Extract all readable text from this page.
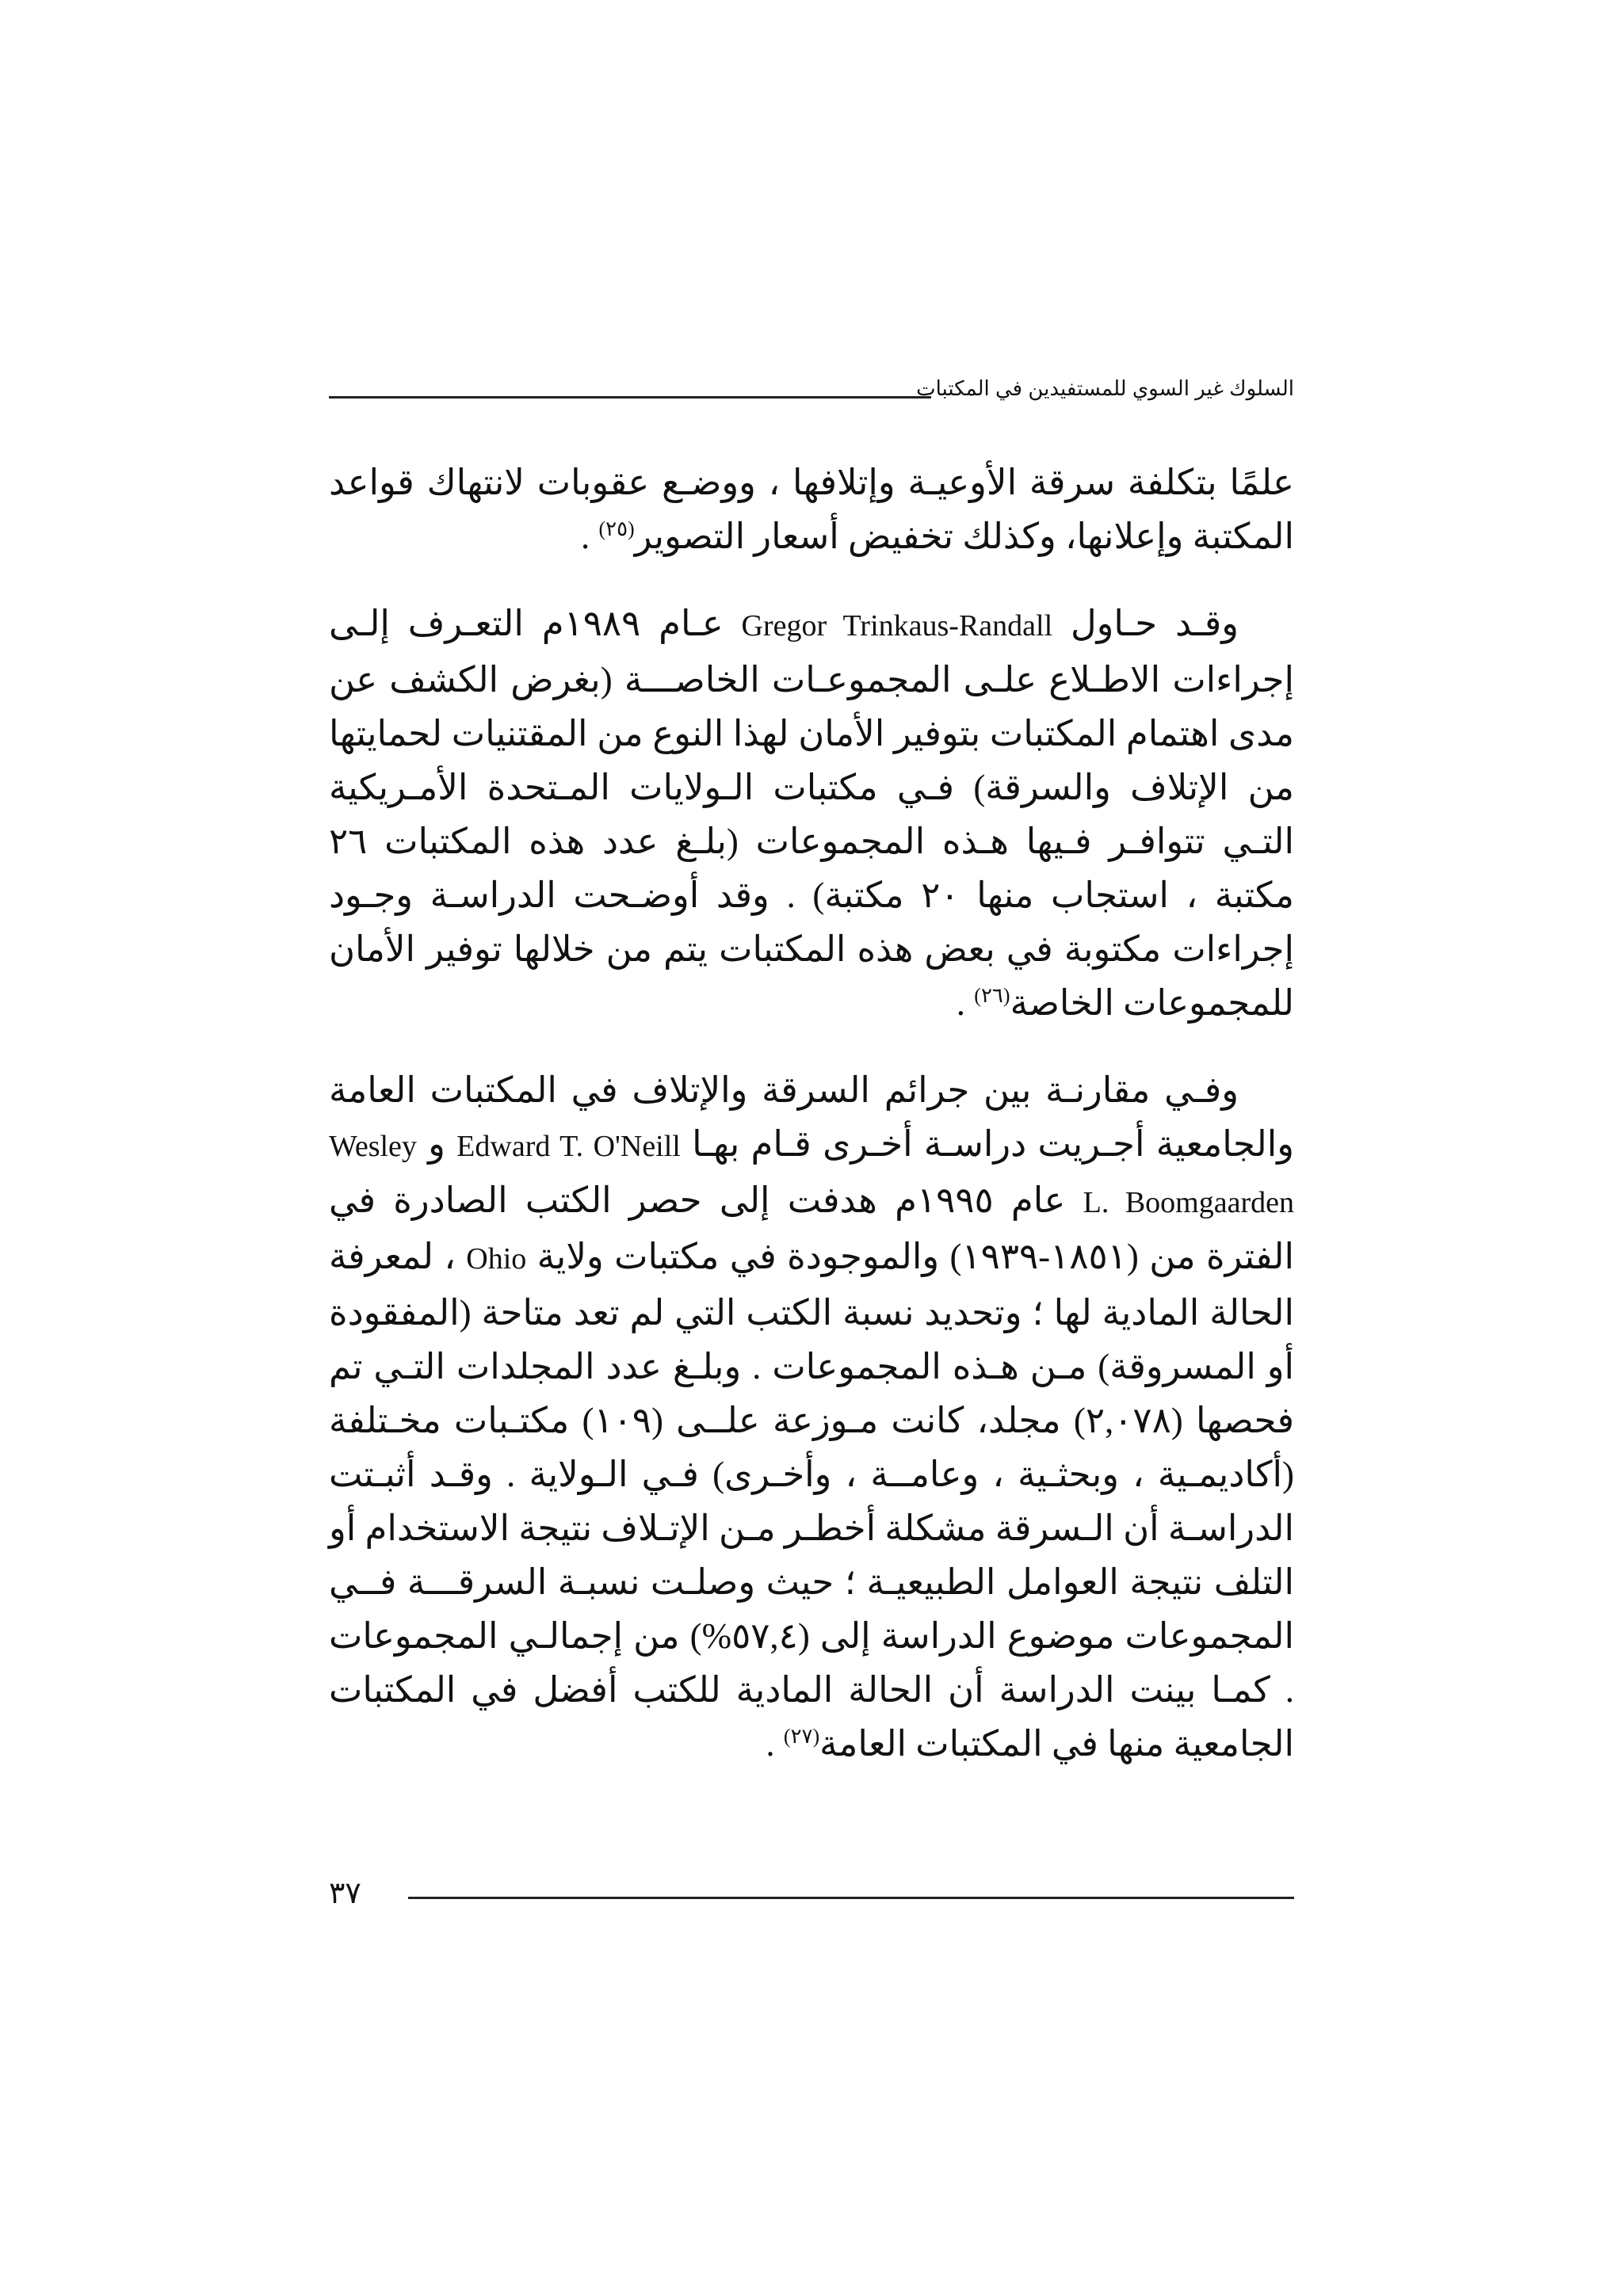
السلوك غير السوي للمستفيدين في المكتبات

علمًا بتكلفة سرقة الأوعيـة وإتلافها ، ووضـع عقوبات لانتهاك قواعد المكتبة وإعلانها، وكذلك تخفيض أسعار التصوير$^{(٢٥)}$ .

وقـد حـاول Gregor Trinkaus-Randall عـام ١٩٨٩م التعـرف إلـى إجراءات الاطـلاع علـى المجموعـات الخاصـــة (بغرض الكشف عن مدى اهتمام المكتبات بتوفير الأمان لهذا النوع من المقتنيات لحمايتها من الإتلاف والسرقة) فـي مكتبات الـولايات المـتحدة الأمـريكية التـي تتوافـر فـيها هـذه المجموعات (بلـغ عدد هذه المكتبات ٢٦ مكتبة ، استجاب منها ٢٠ مكتبة) . وقد أوضـحت الدراسـة وجـود إجراءات مكتوبة في بعض هذه المكتبات يتم من خلالها توفير الأمان للمجموعات الخاصة$^{(٢٦)}$ .

وفـي مقارنـة بين جرائم السرقة والإتلاف في المكتبات العامة والجامعية أجـريت دراسـة أخـرى قـام بهـا Edward T. O'Neill و Wesley L. Boomgaarden عام ١٩٩٥م هدفت إلى حصر الكتب الصادرة في الفترة من (١٨٥١-١٩٣٩) والموجودة في مكتبات ولاية Ohio ، لمعرفة الحالة المادية لها ؛ وتحديد نسبة الكتب التي لم تعد متاحة (المفقودة أو المسروقة) مـن هـذه المجموعات . وبلـغ عدد المجلدات التـي تم فحصها (٢,٠٧٨) مجلد، كانت مـوزعة علــى (١٠٩) مكتـبات مخـتلفة (أكاديمـية ، وبحثـية ، وعامــة ، وأخـرى) فـي الـولاية . وقـد أثبـتت الدراسـة أن الـسرقة مشكلة أخطـر مـن الإتـلاف نتيجة الاستخدام أو التلف نتيجة العوامل الطبيعيـة ؛ حيث وصلـت نسبـة السرقـــة فــي المجموعات موضوع الدراسة إلى (٥٧,٤%) من إجمالـي المجموعات . كمـا بينت الدراسة أن الحالة المادية للكتب أفضل في المكتبات الجامعية منها في المكتبات العامة$^{(٢٧)}$ .

٣٧
